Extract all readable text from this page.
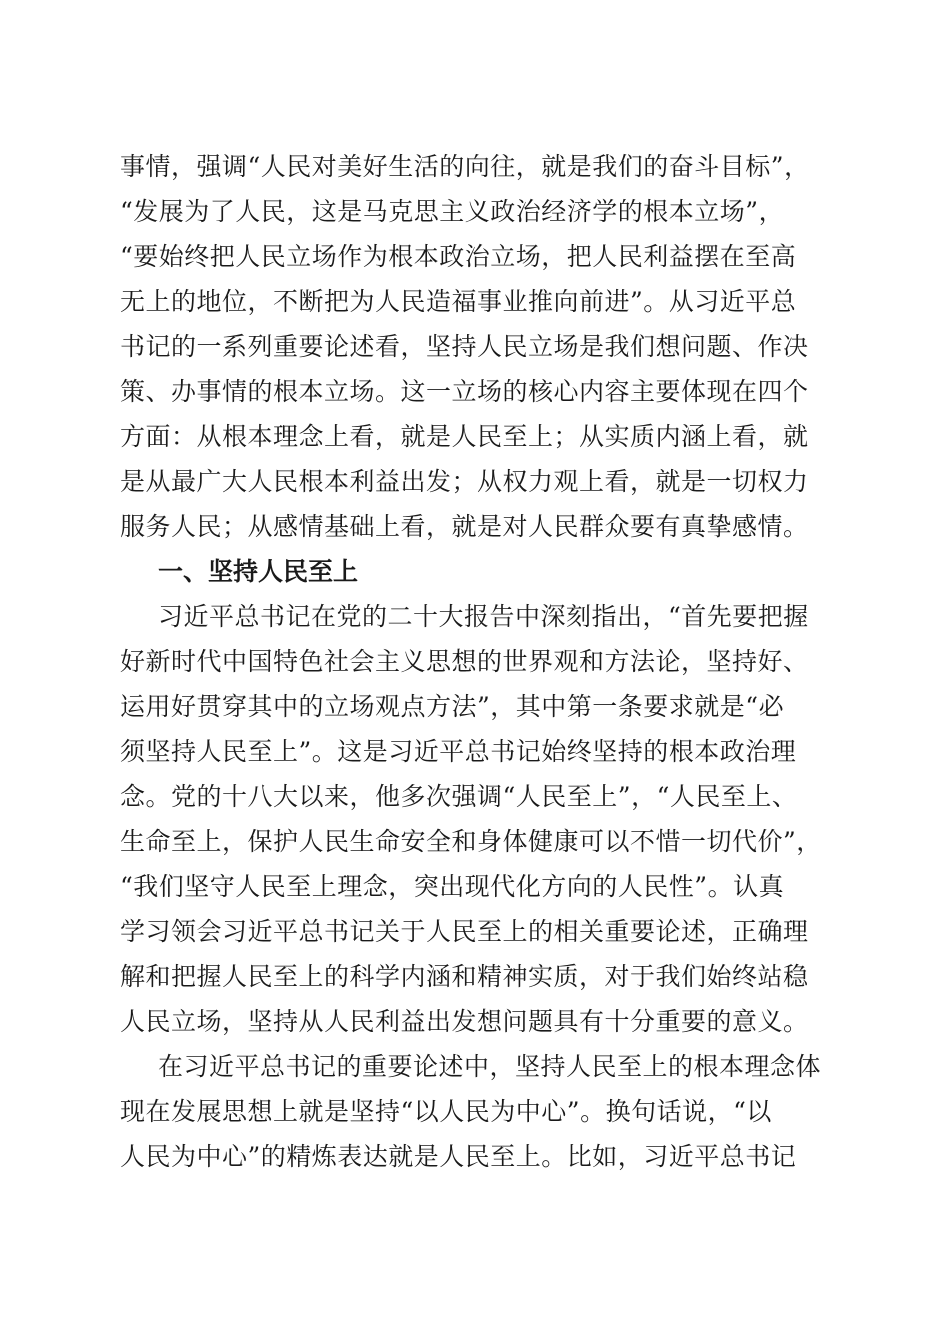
事情，强调“人民对美好生活的向往，就是我们的奋斗目标”，
“发展为了人民，这是马克思主义政治经济学的根本立场”，
“要始终把人民立场作为根本政治立场，把人民利益摆在至高
无上的地位，不断把为人民造福事业推向前进”。从习近平总
书记的一系列重要论述看，坚持人民立场是我们想问题、作决
策、办事情的根本立场。这一立场的核心内容主要体现在四个
方面：从根本理念上看，就是人民至上；从实质内涵上看，就
是从最广大人民根本利益出发；从权力观上看，就是一切权力
服务人民；从感情基础上看，就是对人民群众要有真挚感情。
一、坚持人民至上
习近平总书记在党的二十大报告中深刻指出，“首先要把握
好新时代中国特色社会主义思想的世界观和方法论，坚持好、
运用好贯穿其中的立场观点方法”，其中第一条要求就是“必
须坚持人民至上”。这是习近平总书记始终坚持的根本政治理
念。党的十八大以来，他多次强调“人民至上”，“人民至上、
生命至上，保护人民生命安全和身体健康可以不惜一切代价”，
“我们坚守人民至上理念，突出现代化方向的人民性”。认真
学习领会习近平总书记关于人民至上的相关重要论述，正确理
解和把握人民至上的科学内涵和精神实质，对于我们始终站稳
人民立场，坚持从人民利益出发想问题具有十分重要的意义。
在习近平总书记的重要论述中，坚持人民至上的根本理念体
现在发展思想上就是坚持“以人民为中心”。换句话说，“以
人民为中心”的精炼表达就是人民至上。比如，习近平总书记
